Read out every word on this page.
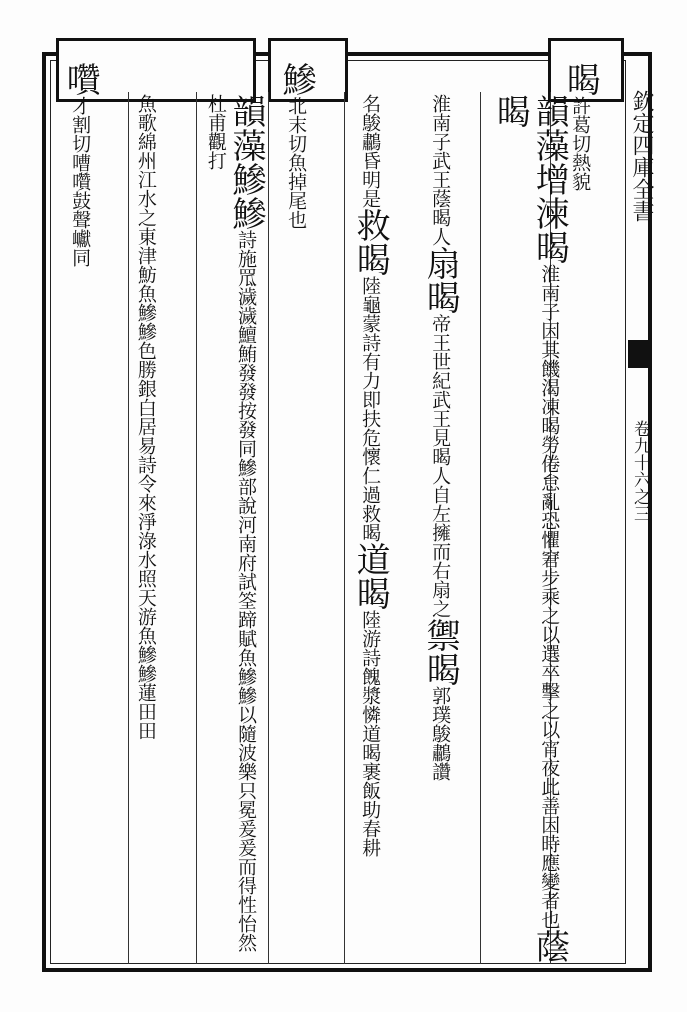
欽定四庫全書
卷九十六之三
暍許葛切熱貌
韻藻增湅暍淮南子因其饑渴凍暍勞倦怠亂恐懼窘步乘之以選卒擊之以宵夜此善因時應變者也蔭暍
淮南子武王蔭暍人扇暍帝王世紀武王見暍人自左擁而右扇之禦暍郭璞鵔鷫讚
名鵔鷫昏明是救暍陸龜蒙詩有力即扶危懷仁過救暍道暍陸游詩餽漿憐道暍裹飯助春耕
鰺北末切魚掉尾也
韻藻鰺鰺詩施罛濊濊鱣鮪發發按發同鰺部說河南府試筌蹄賦魚鰺鰺以隨波樂只冕爰爰而得性怡然杜甫觀打
魚歌綿州江水之東津魴魚鰺鰺色勝銀白居易詩令來淨淥水照天游魚鰺鰺蓮田田
囋才割切嘈囋鼓聲巘同
